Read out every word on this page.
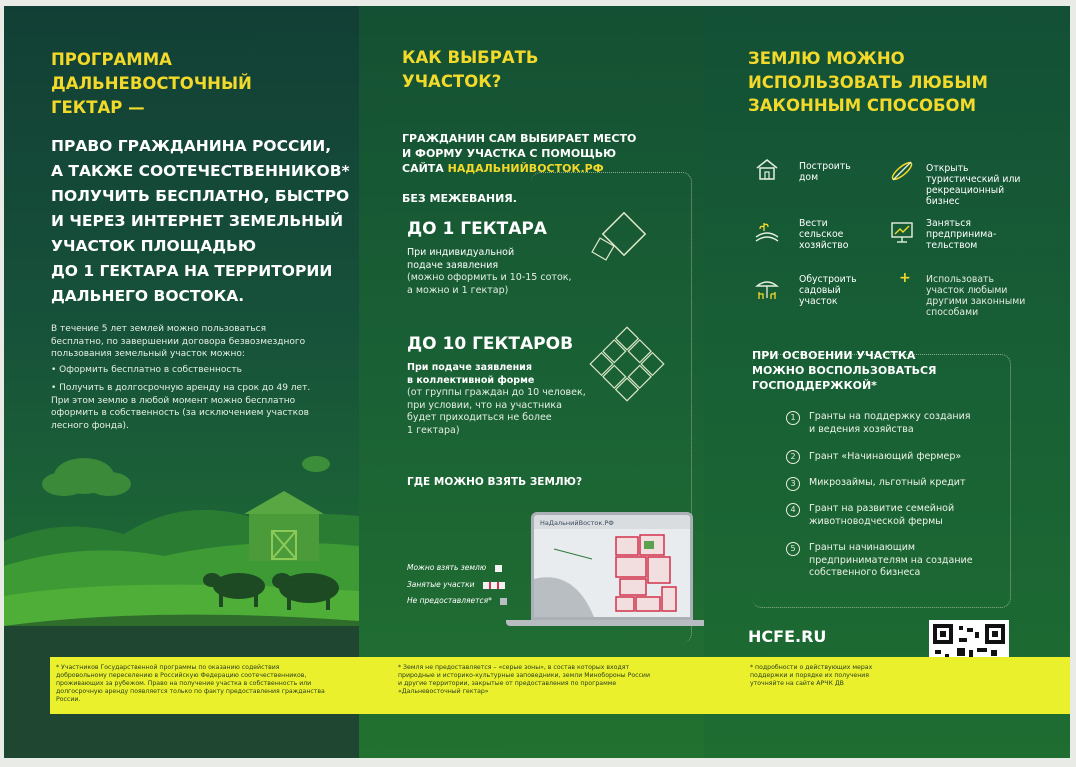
ПРОГРАММА
ДАЛЬНЕВОСТОЧНЫЙ
ГЕКТАР —
ПРАВО ГРАЖДАНИНА РОССИИ,
А ТАКЖЕ СООТЕЧЕСТВЕННИКОВ*
ПОЛУЧИТЬ БЕСПЛАТНО, БЫСТРО
И ЧЕРЕЗ ИНТЕРНЕТ ЗЕМЕЛЬНЫЙ
УЧАСТОК ПЛОЩАДЬЮ
ДО 1 ГЕКТАРА НА ТЕРРИТОРИИ
ДАЛЬНЕГО ВОСТОКА.
В течение 5 лет землей можно пользоваться
бесплатно, по завершении договора безвозмездного
пользования земельный участок можно:
• Оформить бесплатно в собственность
• Получить в долгосрочную аренду на срок до 49 лет.
При этом землю в любой момент можно бесплатно
оформить в собственность (за исключением участков
лесного фонда).
КАК ВЫБРАТЬ
УЧАСТОК?

ГРАЖДАНИН САМ ВЫБИРАЕТ МЕСТО
И ФОРМУ УЧАСТКА С ПОМОЩЬЮ
САЙТА НАДАЛЬНИЙВОСТОК.РФ

БЕЗ МЕЖЕВАНИЯ.

ДО 1 ГЕКТАРА
При индивидуальной
подаче заявления
(можно оформить и 10-15 соток,
а можно и 1 гектар)
ДО 10 ГЕКТАРОВ
При подаче заявления
в коллективной форме
(от группы граждан до 10 человек,
при условии, что на участника
будет приходиться не более
1 гектара)
ГДЕ МОЖНО ВЗЯТЬ ЗЕМЛЮ?
НаДальнийВосток.РФ
Можно взять землю
Занятые участки
Не предоставляется*
ЗЕМЛЮ МОЖНО
ИСПОЛЬЗОВАТЬ ЛЮБЫМ
ЗАКОННЫМ СПОСОБОМ
Построить
дом
Открыть
туристический или
рекреационный
бизнес
Вести
сельское
хозяйство
Заняться
предпринима-
тельством
Обустроить
садовый
участок
+ Использовать
участок любыми
другими законными
способами
ПРИ ОСВОЕНИИ УЧАСТКА
МОЖНО ВОСПОЛЬЗОВАТЬСЯ
ГОСПОДДЕРЖКОЙ*
1	Гранты на поддержку создания
и ведения хозяйства
2	Грант «Начинающий фермер»
3	Микрозаймы, льготный кредит
4	Грант на развитие семейной
животноводческой фермы
5	Гранты начинающим
предпринимателям на создание
собственного бизнеса
HCFE.RU
* Участников Государственной программы по оказанию содействия
добровольному переселению в Российскую Федерацию соотечественников,
проживающих за рубежом. Право на получение участка в собственность или
долгосрочную аренду появляется только по факту предоставления гражданства
России.
* Земля не предоставляется – «серые зоны», в состав которых входят
природные и историко-культурные заповедники, земли Минобороны России
и другие территории, закрытые от предоставления по программе
«Дальневосточный гектар»
* подробности о действующих мерах
поддержки и порядке их получения
уточняйте на сайте АРЧК ДВ
